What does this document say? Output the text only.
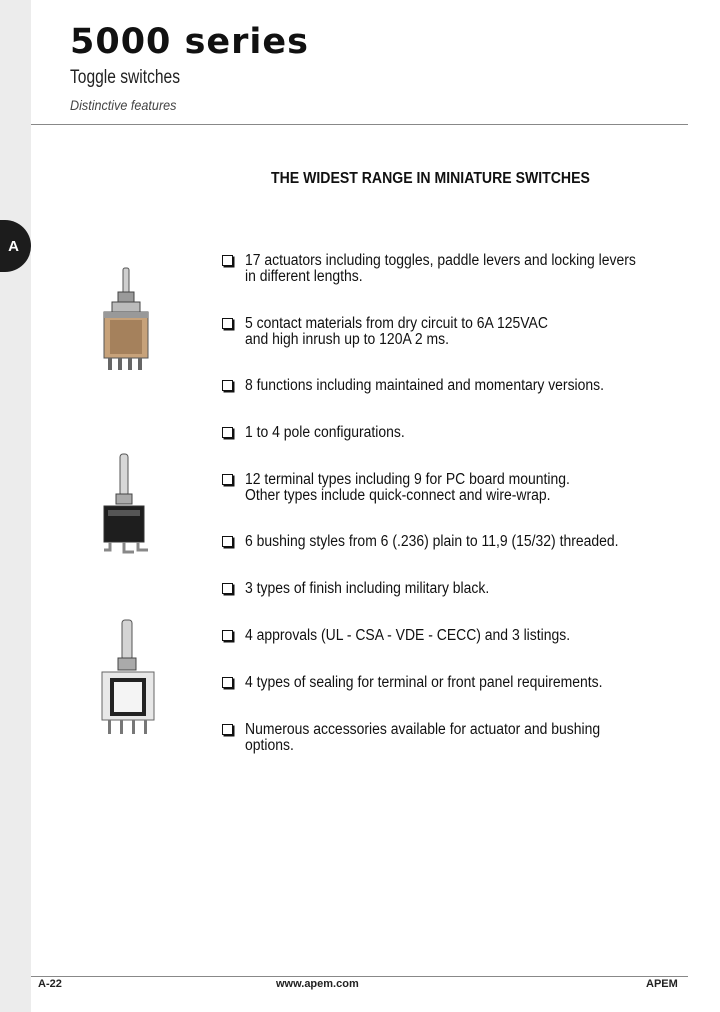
5000 series
Toggle switches
Distinctive features
A
THE WIDEST RANGE IN MINIATURE SWITCHES
17 actuators including toggles, paddle levers and locking levers
in different lengths.
5 contact materials from dry circuit to 6A 125VAC
and high inrush up to 120A 2 ms.
8 functions including maintained and momentary versions.
1 to 4 pole configurations.
12 terminal types including 9 for PC board mounting.
Other types include quick-connect and wire-wrap.
6 bushing styles from 6 (.236) plain to 11,9 (15/32) threaded.
3 types of finish including military black.
4 approvals (UL - CSA - VDE - CECC) and 3 listings.
4 types of sealing for terminal or front panel requirements.
Numerous accessories available for actuator and bushing
options.
A-22	www.apem.com	APEM
